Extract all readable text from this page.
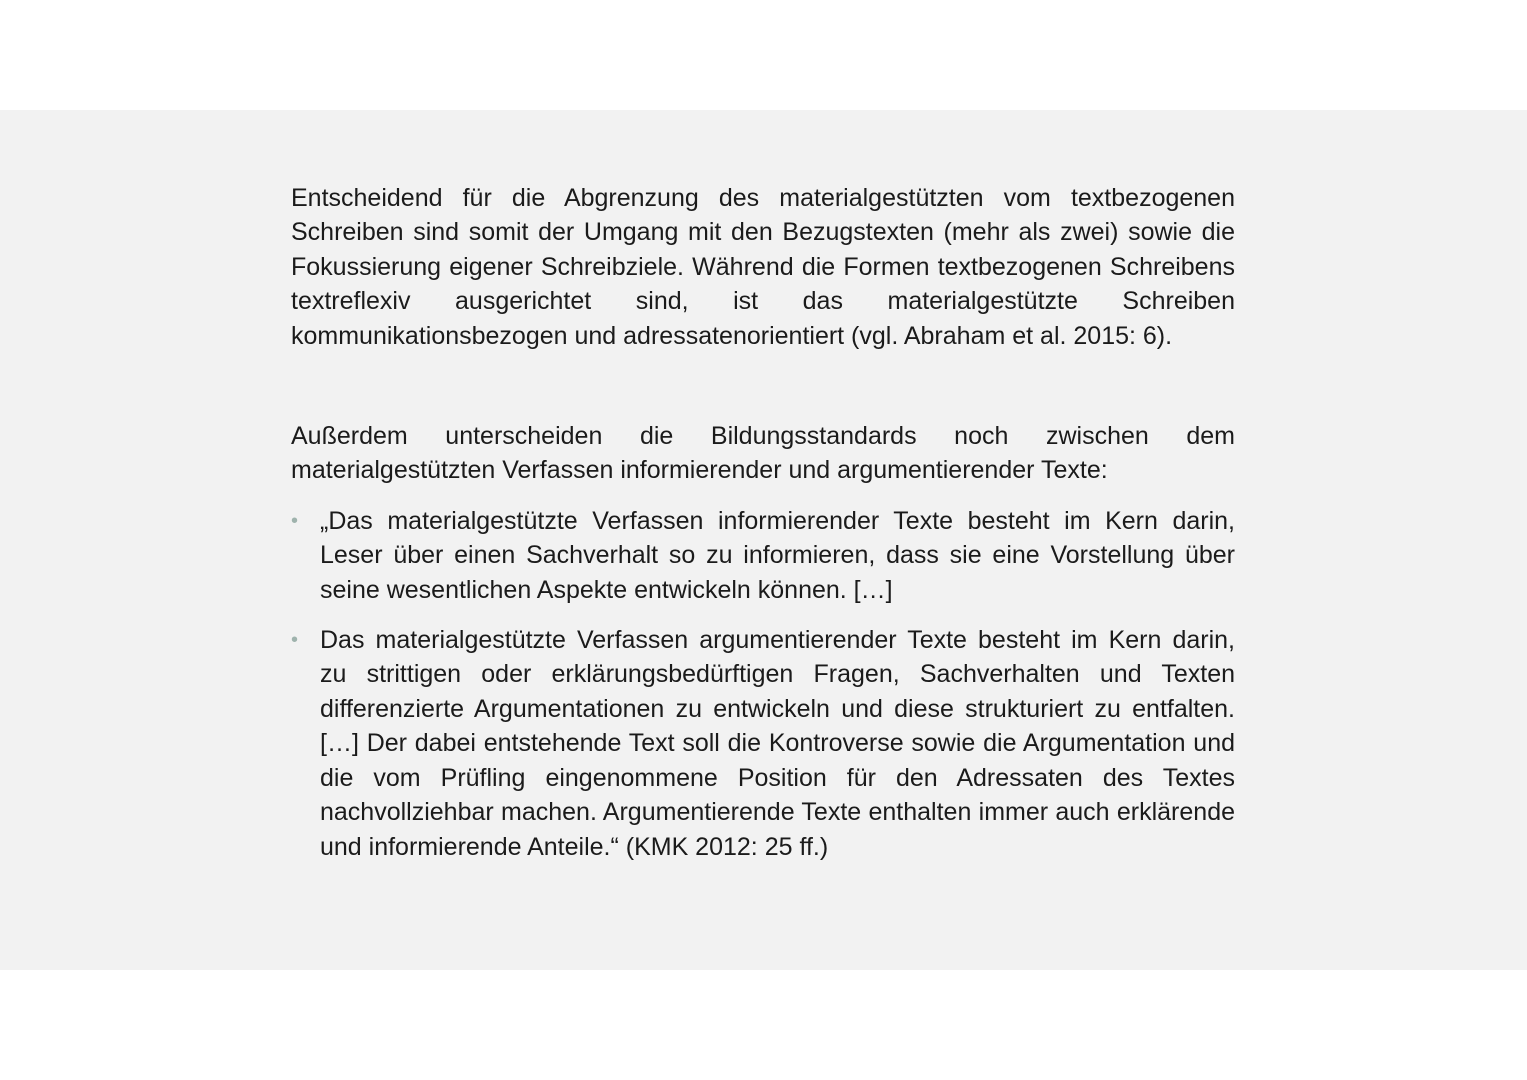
Entscheidend für die Abgrenzung des materialgestützten vom textbezogenen Schreiben sind somit der Umgang mit den Bezugstexten (mehr als zwei) sowie die Fokussierung eigener Schreibziele. Während die Formen textbezogenen Schreibens textreflexiv ausgerichtet sind, ist das materialgestützte Schreiben kommunikationsbezogen und adressatenorientiert (vgl. Abraham et al. 2015: 6).

Außerdem unterscheiden die Bildungsstandards noch zwischen dem materialgestützten Verfassen informierender und argumentierender Texte:

• „Das materialgestützte Verfassen informierender Texte besteht im Kern darin, Leser über einen Sachverhalt so zu informieren, dass sie eine Vorstellung über seine wesentlichen Aspekte entwickeln können. […]
• Das materialgestützte Verfassen argumentierender Texte besteht im Kern darin, zu strittigen oder erklärungsbedürftigen Fragen, Sachverhalten und Texten differenzierte Argumentationen zu entwickeln und diese strukturiert zu entfalten. […] Der dabei entstehende Text soll die Kontroverse sowie die Argumentation und die vom Prüfling eingenommene Position für den Adressaten des Textes nachvollziehbar machen. Argumentierende Texte enthalten immer auch erklärende und informierende Anteile.“ (KMK 2012: 25 ff.)
